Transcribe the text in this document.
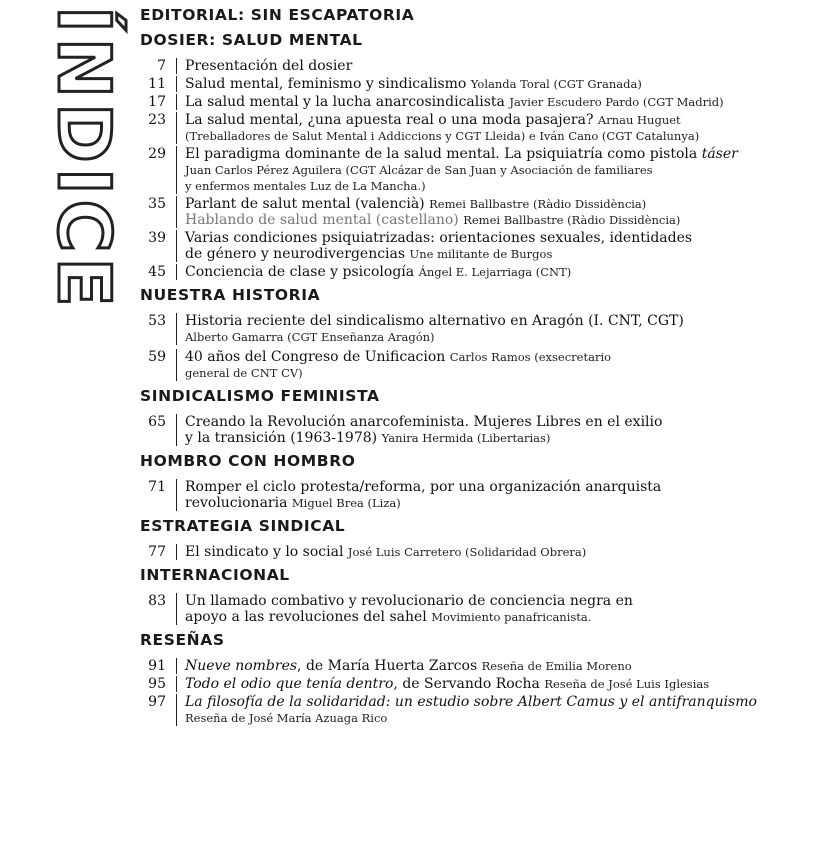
ÍNDICE EDITORIAL: SIN ESCAPATORIA
DOSIER: SALUD MENTAL
7	Presentación del dosier
11	Salud mental, feminismo y sindicalismo Yolanda Toral (CGT Granada)
17	La salud mental y la lucha anarcosindicalista Javier Escudero Pardo (CGT Madrid)
23	La salud mental, ¿una apuesta real o una moda pasajera? Arnau Huguet
(Treballadores de Salut Mental i Addiccions y CGT Lleida) e Iván Cano (CGT Catalunya)
29	El paradigma dominante de la salud mental. La psiquiatría como pistola táser
Juan Carlos Pérez Aguilera (CGT Alcázar de San Juan y Asociación de familiares
y enfermos mentales Luz de La Mancha.)
35	Parlant de salut mental (valencià) Remei Ballbastre (Ràdio Dissidència)
Hablando de salud mental (castellano) Remei Ballbastre (Ràdio Dissidència)
39	Varias condiciones psiquiatrizadas: orientaciones sexuales, identidades
de género y neurodivergencias Une militante de Burgos
45	Conciencia de clase y psicología Ángel E. Lejarriaga (CNT)
NUESTRA HISTORIA
53	Historia reciente del sindicalismo alternativo en Aragón (I. CNT, CGT)
Alberto Gamarra (CGT Enseñanza Aragón)
59	40 años del Congreso de Unificacion Carlos Ramos (exsecretario
general de CNT CV)
SINDICALISMO FEMINISTA
65	Creando la Revolución anarcofeminista. Mujeres Libres en el exilio
y la transición (1963-1978) Yanira Hermida (Libertarias)
HOMBRO CON HOMBRO
71	Romper el ciclo protesta/reforma, por una organización anarquista
revolucionaria Miguel Brea (Liza)
ESTRATEGIA SINDICAL
77	El sindicato y lo social José Luis Carretero (Solidaridad Obrera)
INTERNACIONAL
83	Un llamado combativo y revolucionario de conciencia negra en
apoyo a las revoluciones del sahel Movimiento panafricanista.
RESEÑAS
91	Nueve nombres, de María Huerta Zarcos Reseña de Emilia Moreno
95	Todo el odio que tenía dentro, de Servando Rocha Reseña de José Luis Iglesias
97	La filosofía de la solidaridad: un estudio sobre Albert Camus y el antifranquismo
Reseña de José María Azuaga Rico
